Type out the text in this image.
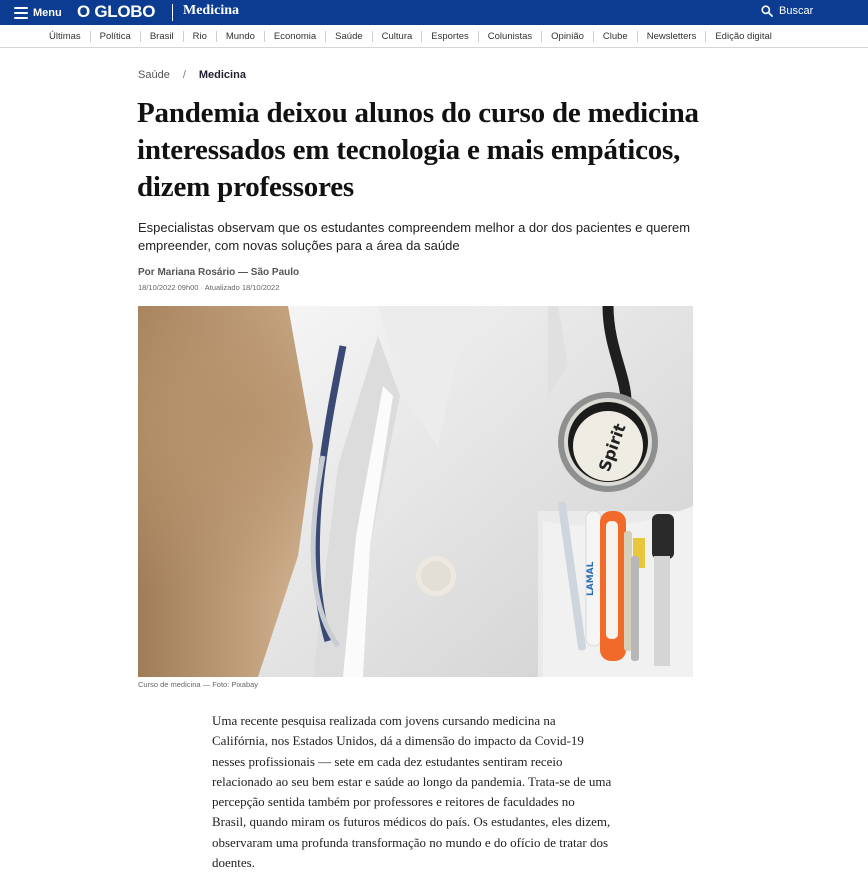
Menu O GLOBO Medicina	Buscar
Últimas	Política	Brasil	Rio	Mundo	Economia	Saúde	Cultura	Esportes	Colunistas	Opinião	Clube	Newsletters	Edição digital
Saúde / Medicina
Pandemia deixou alunos do curso de medicina interessados em tecnologia e mais empáticos, dizem professores

Especialistas observam que os estudantes compreendem melhor a dor dos pacientes e querem empreender, com novas soluções para a área da saúde

Por Mariana Rosário — São Paulo
18/10/2022 09h00 · Atualizado 18/10/2022
Spirit
LAMAL
Curso de medicina — Foto: Pixabay

Uma recente pesquisa realizada com jovens cursando medicina na Califórnia, nos Estados Unidos, dá a dimensão do impacto da Covid-19 nesses profissionais — sete em cada dez estudantes sentiram receio relacionado ao seu bem estar e saúde ao longo da pandemia. Trata-se de uma percepção sentida também por professores e reitores de faculdades no Brasil, quando miram os futuros médicos do país. Os estudantes, eles dizem, observaram uma profunda transformação no mundo e do ofício de tratar dos doentes.
